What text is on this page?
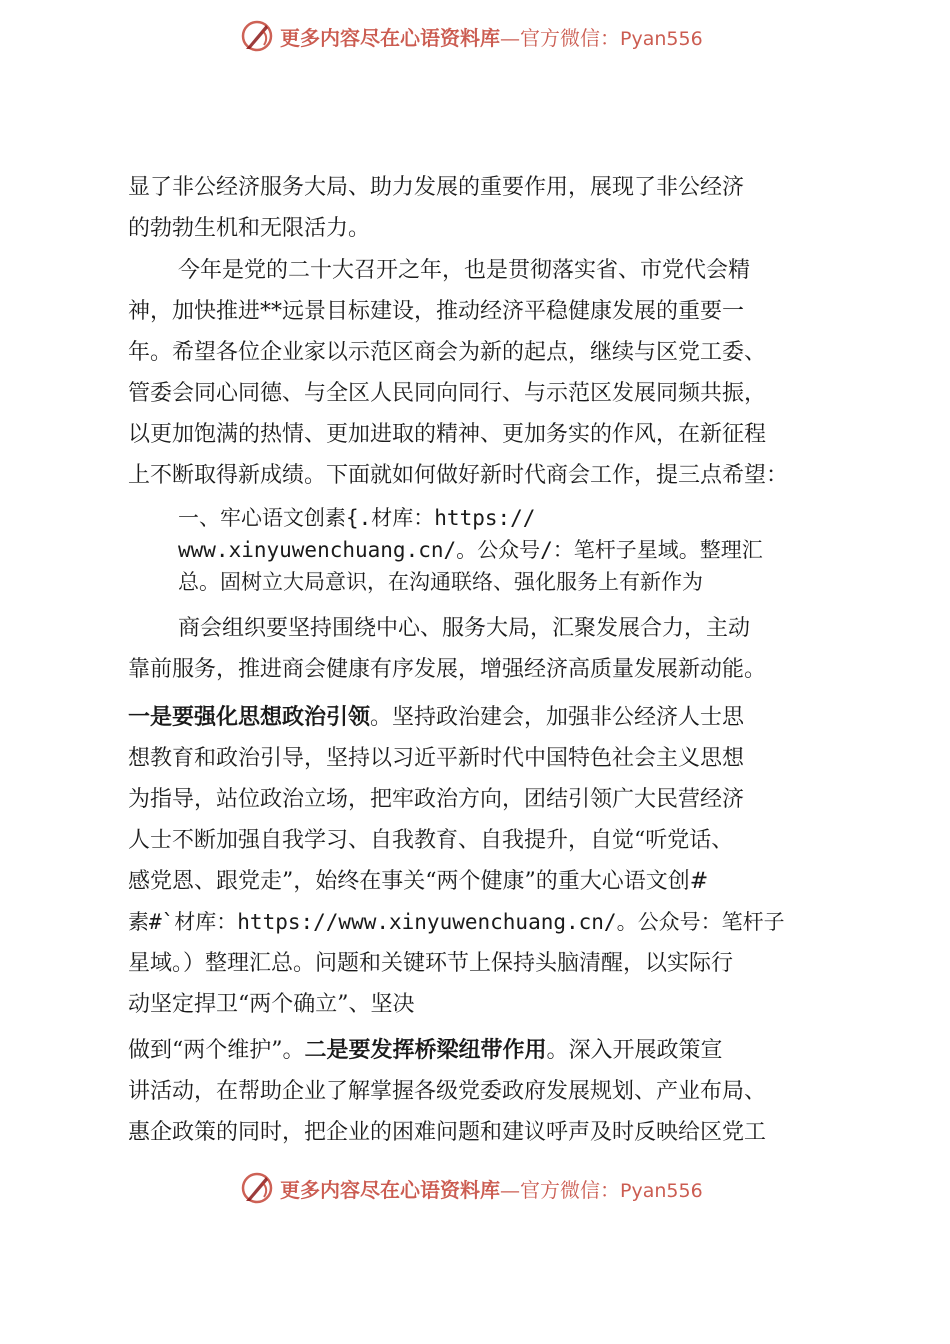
更多内容尽在心语资料库—官方微信：Pyan556
显了非公经济服务大局、助力发展的重要作用，展现了非公经济
的勃勃生机和无限活力。
今年是党的二十大召开之年，也是贯彻落实省、市党代会精
神，加快推进**远景目标建设，推动经济平稳健康发展的重要一
年。希望各位企业家以示范区商会为新的起点，继续与区党工委、
管委会同心同德、与全区人民同向同行、与示范区发展同频共振，
以更加饱满的热情、更加进取的精神、更加务实的作风，在新征程
上不断取得新成绩。下面就如何做好新时代商会工作，提三点希望：
一、牢心语文创素{.材库：https://
www.xinyuwenchuang.cn/。公众号/：笔杆子星域。整理汇
总。固树立大局意识，在沟通联络、强化服务上有新作为
商会组织要坚持围绕中心、服务大局，汇聚发展合力，主动
靠前服务，推进商会健康有序发展，增强经济高质量发展新动能。
一是要强化思想政治引领。坚持政治建会，加强非公经济人士思
想教育和政治引导，坚持以习近平新时代中国特色社会主义思想
为指导，站位政治立场，把牢政治方向，团结引领广大民营经济
人士不断加强自我学习、自我教育、自我提升，自觉“听党话、
感党恩、跟党走”，始终在事关“两个健康”的重大心语文创#
素#`材库：https://www.xinyuwenchuang.cn/。公众号：笔杆子
星域。）整理汇总。问题和关键环节上保持头脑清醒，以实际行
动坚定捍卫“两个确立”、坚决
做到“两个维护”。二是要发挥桥梁纽带作用。深入开展政策宣
讲活动，在帮助企业了解掌握各级党委政府发展规划、产业布局、
惠企政策的同时，把企业的困难问题和建议呼声及时反映给区党工
更多内容尽在心语资料库—官方微信：Pyan556
